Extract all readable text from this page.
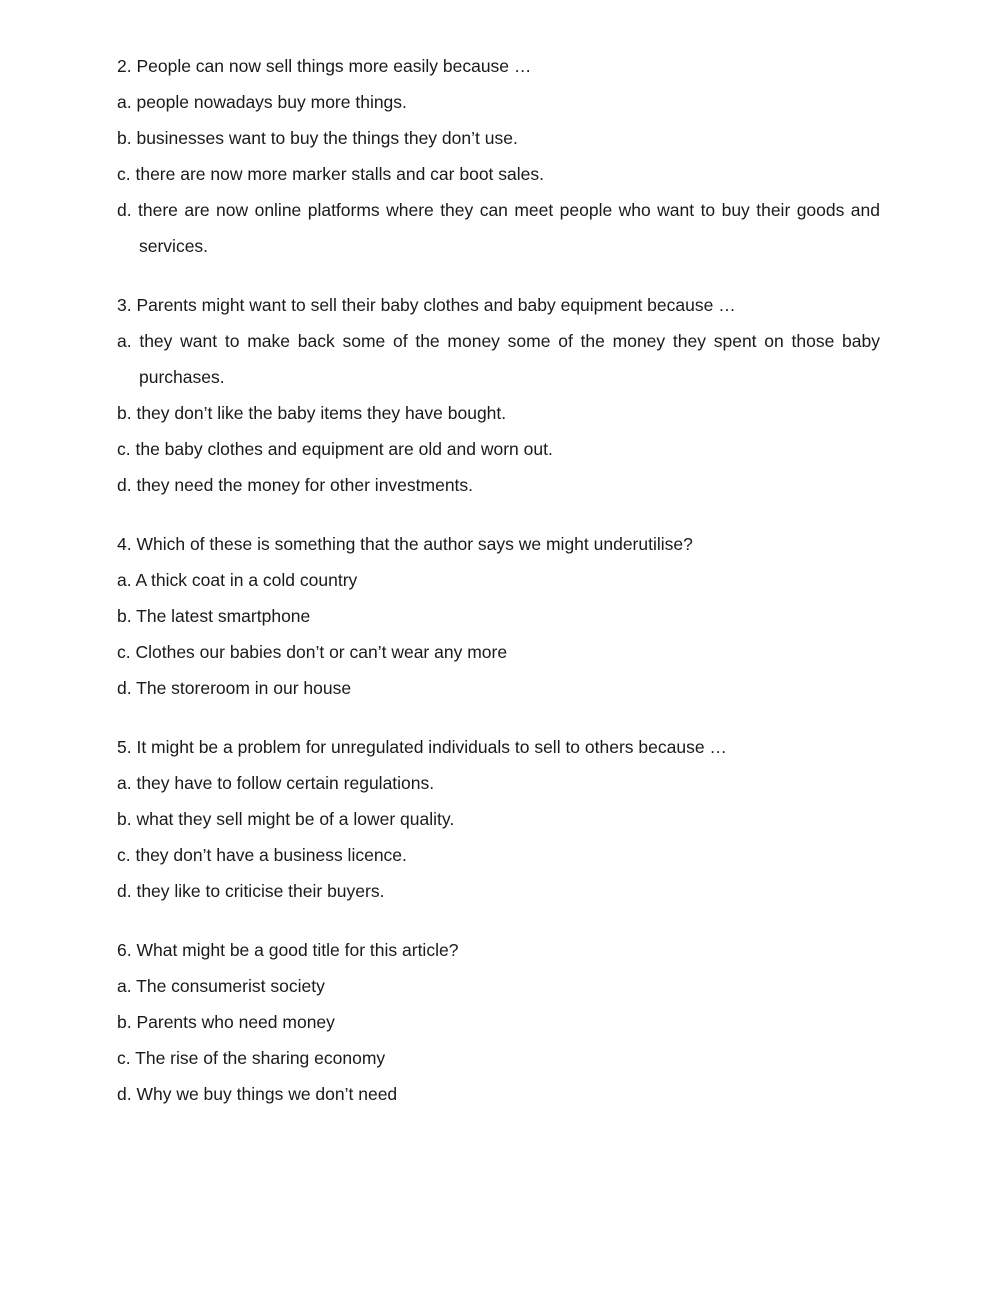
2. People can now sell things more easily because …

a. people nowadays buy more things.

b. businesses want to buy the things they don’t use.

c. there are now more marker stalls and car boot sales.

d. there are now online platforms where they can meet people who want to buy their goods and services.

3. Parents might want to sell their baby clothes and baby equipment because …

a. they want to make back some of the money some of the money they spent on those baby purchases.

b. they don’t like the baby items they have bought.

c. the baby clothes and equipment are old and worn out.

d. they need the money for other investments.

4. Which of these is something that the author says we might underutilise?

a. A thick coat in a cold country

b. The latest smartphone

c. Clothes our babies don’t or can’t wear any more

d. The storeroom in our house

5. It might be a problem for unregulated individuals to sell to others because …

a. they have to follow certain regulations.

b. what they sell might be of a lower quality.

c. they don’t have a business licence.

d. they like to criticise their buyers.

6. What might be a good title for this article?

a. The consumerist society

b. Parents who need money

c. The rise of the sharing economy

d. Why we buy things we don’t need
